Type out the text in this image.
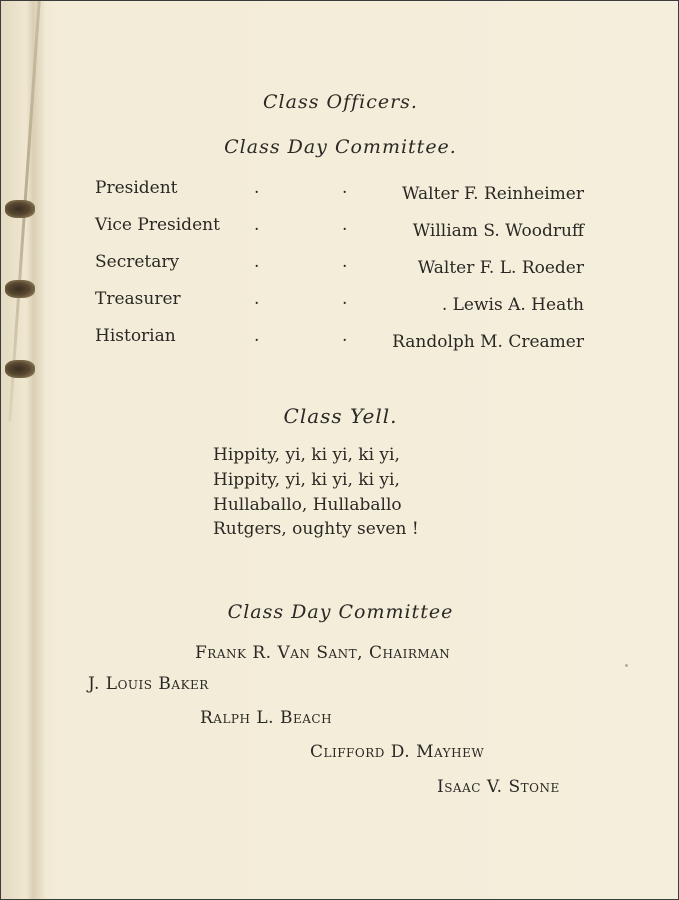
Class Officers.
Class Day Committee.
President	.	.	Walter F. Reinheimer
Vice President .	.	William S. Woodruff
Secretary	.	.	Walter F. L. Roeder
Treasurer	.	.	. Lewis A. Heath
Historian	.	.	Randolph M. Creamer
Class Yell.
Hippity, yi, ki yi, ki yi,
Hippity, yi, ki yi, ki yi,
Hullaballo, Hullaballo
Rutgers, oughty seven !
Class Day Committee
Frank R. Van Sant, Chairman
J. Louis Baker
Ralph L. Beach
Clifford D. Mayhew
Isaac V. Stone
